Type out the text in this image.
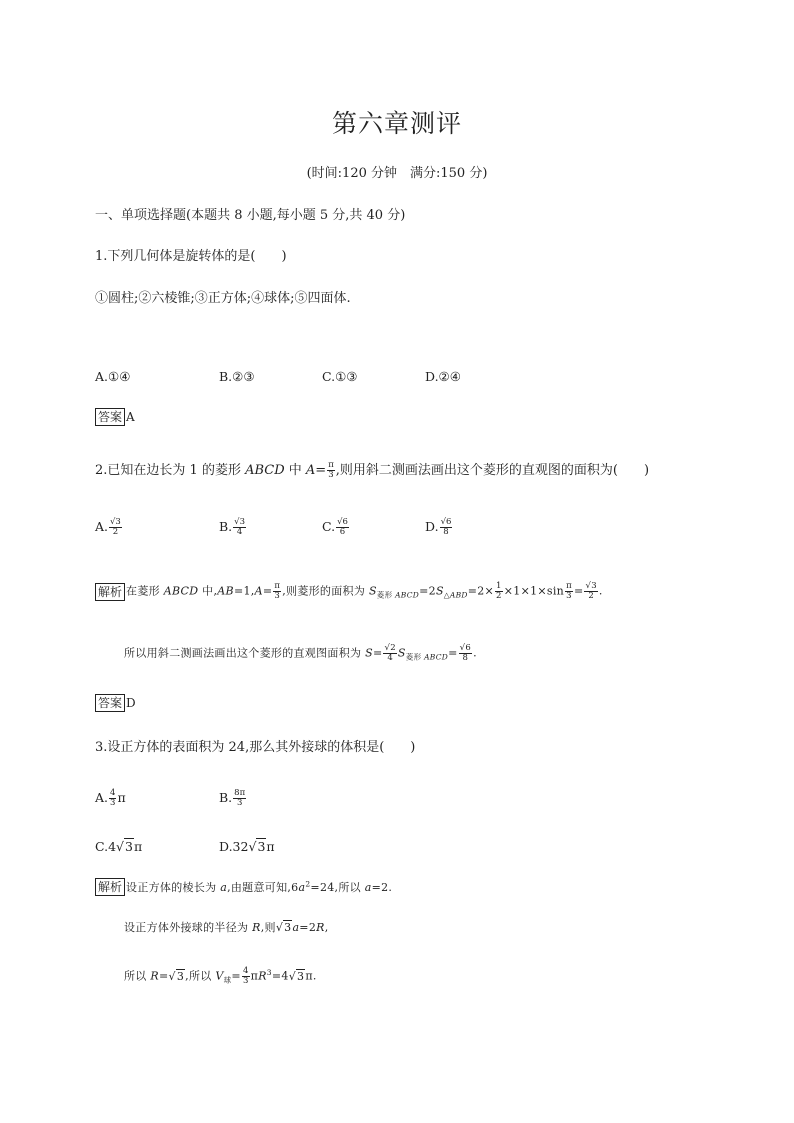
第六章测评
(时间:120 分钟　满分:150 分)
一、单项选择题(本题共 8 小题,每小题 5 分,共 40 分)
1.下列几何体是旋转体的是(　　)
①圆柱;②六棱锥;③正方体;④球体;⑤四面体.
A.①④	B.②③	C.①③	D.②④
答案 A
2.已知在边长为 1 的菱形 ABCD 中 $A= \frac{\pi}{3}$ ,则用斜二测画法画出这个菱形的直观图的面积为(　　)
A. $\frac{√3}{2}$	B. $\frac{√3}{4}$	C. $\frac{√6}{6}$	D. $\frac{√6}{8}$
解析 在菱形 ABCD 中$,AB=1,A= \frac{\pi}{3}$ ,则菱形的面积为 $S_{菱形 ABCD}=2S_{\triangle ABD}=2\times \frac{1}{2} \times 1\times 1\times\sin \frac{\pi}{3} = \frac{√3}{2}$ .
所以用斜二测画法画出这个菱形的直观图面积为 $S= \frac{√2}{4} S_{菱形 ABCD}= \frac{√6}{8}$ .
答案 D
3.设正方体的表面积为 24,那么其外接球的体积是(　　)
A. $\frac{4}{3}$ π	B. $\frac{8\pi}{3}$
C.4√3π	D.32√3π
解析 设正方体的棱长为 a,由题意可知$,6a^2=24$,所以 a=2.
设正方体外接球的半径为 R,则√3a=2R,
所以 R=√3,所以 $V_球= \frac{4}{3} \pi R^3=4√3\pi$.
